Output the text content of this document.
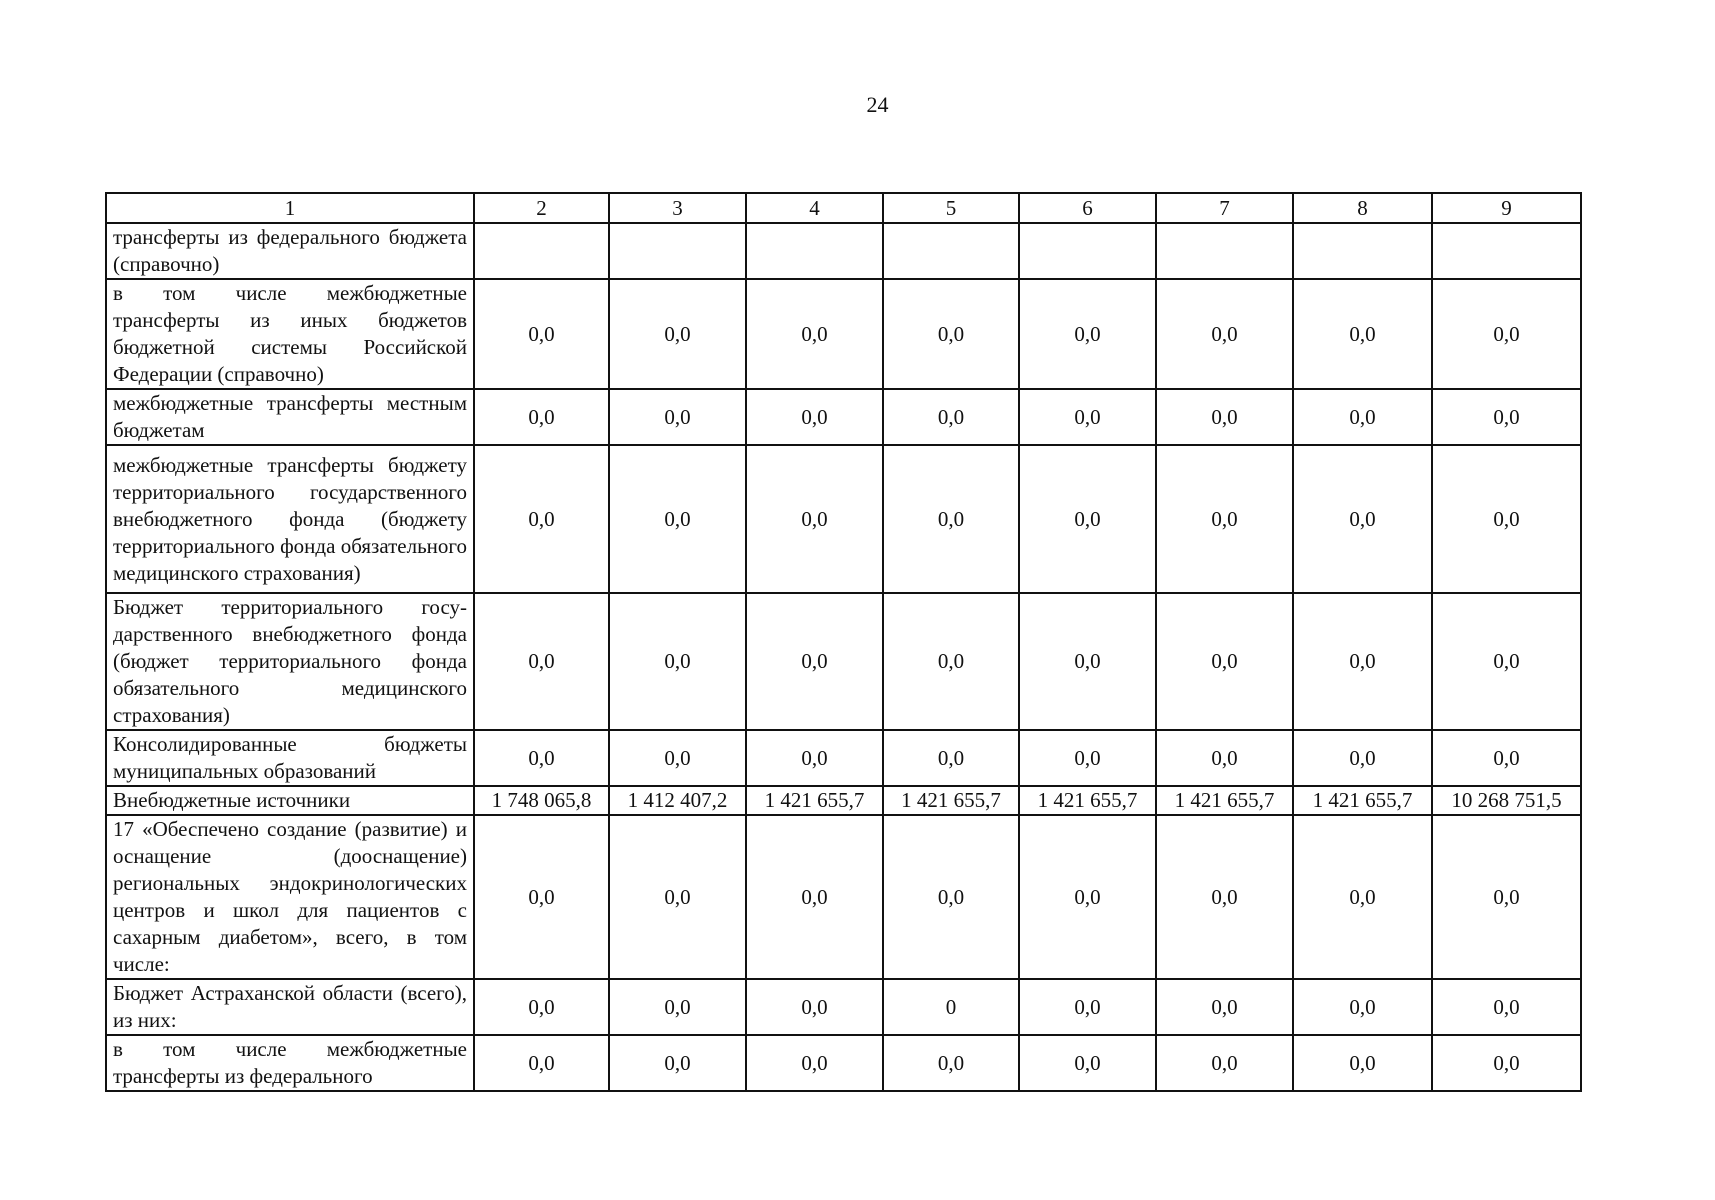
24
1	2	3	4	5	6	7	8	9
трансферты из федерального бюджета (справочно)								
в том числе межбюджетные трансферты из иных бюджетов бюджетной системы Российской Федерации (справочно)	0,0	0,0	0,0	0,0	0,0	0,0	0,0	0,0
межбюджетные трансферты местным бюджетам	0,0	0,0	0,0	0,0	0,0	0,0	0,0	0,0
межбюджетные трансферты бюджету территориального государственного внебюджетного фонда (бюджету территориального фонда обязательного медицинского страхования)	0,0	0,0	0,0	0,0	0,0	0,0	0,0	0,0
Бюджет территориального государственного внебюджетного фонда (бюджет территориального фонда обязательного медицинского страхования)	0,0	0,0	0,0	0,0	0,0	0,0	0,0	0,0
Консолидированные бюджеты муниципальных образований	0,0	0,0	0,0	0,0	0,0	0,0	0,0	0,0
Внебюджетные источники	1 748 065,8	1 412 407,2	1 421 655,7	1 421 655,7	1 421 655,7	1 421 655,7	1 421 655,7	10 268 751,5
17 «Обеспечено создание (развитие) и оснащение (дооснащение) региональных эндокринологических центров и школ для пациентов с сахарным диабетом», всего, в том числе:	0,0	0,0	0,0	0,0	0,0	0,0	0,0	0,0
Бюджет Астраханской области (всего), из них:	0,0	0,0	0,0	0	0,0	0,0	0,0	0,0
в том числе межбюджетные трансферты из федерального	0,0	0,0	0,0	0,0	0,0	0,0	0,0	0,0
